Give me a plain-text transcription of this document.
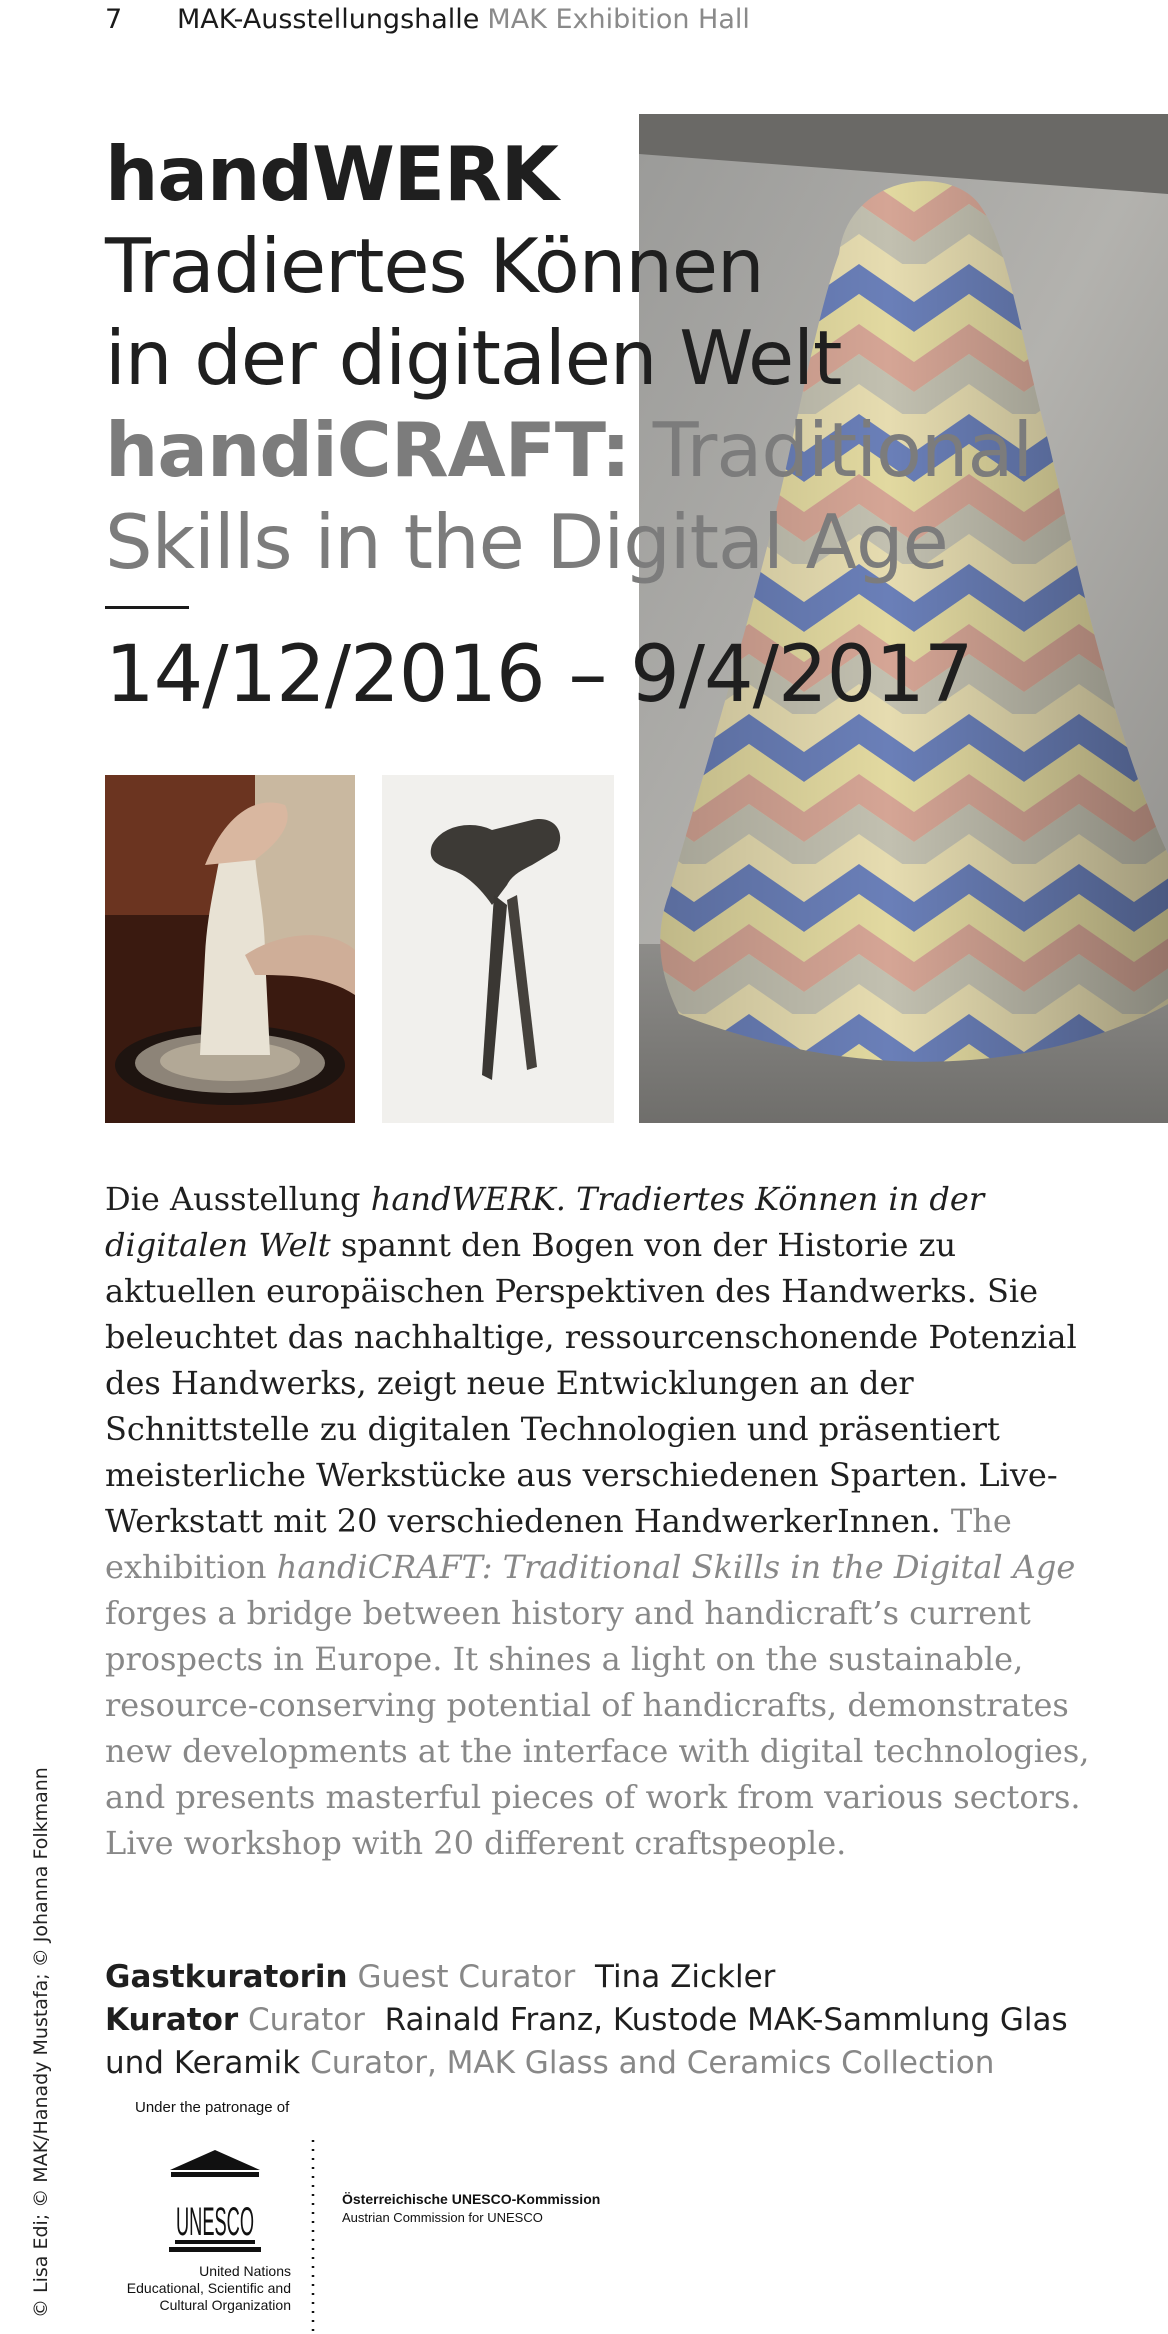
7 MAK-Ausstellungshalle MAK Exhibition Hall
handWERK
Tradiertes Können
in der digitalen Welt
handiCRAFT: Traditional
Skills in the Digital Age
14/12/2016 – 9/4/2017
Die Ausstellung handWERK. Tradiertes Können in der digitalen Welt spannt den Bogen von der Historie zu aktuellen europäischen Perspektiven des Handwerks. Sie beleuchtet das nachhaltige, ressourcenschonende Potenzial des Handwerks, zeigt neue Entwicklungen an der Schnittstelle zu digitalen Technologien und präsentiert meisterliche Werkstücke aus verschiedenen Sparten. Live-Werkstatt mit 20 verschiedenen HandwerkerInnen. The exhibition handiCRAFT: Traditional Skills in the Digital Age forges a bridge between history and handicraft’s current prospects in Europe. It shines a light on the sustainable, resource-conserving potential of handicrafts, demonstrates new developments at the interface with digital technologies, and presents masterful pieces of work from various sectors. Live workshop with 20 different craftspeople.
Gastkuratorin Guest Curator Tina Zickler
Kurator Curator Rainald Franz, Kustode MAK-Sammlung Glas und Keramik Curator, MAK Glass and Ceramics Collection
© Lisa Edi; © MAK/Hanady Mustafa; © Johanna Folkmann	Under the patronage of
UNESCO
United Nations
Educational, Scientific and
Cultural Organization
Österreichische UNESCO-Kommission
Austrian Commission for UNESCO
